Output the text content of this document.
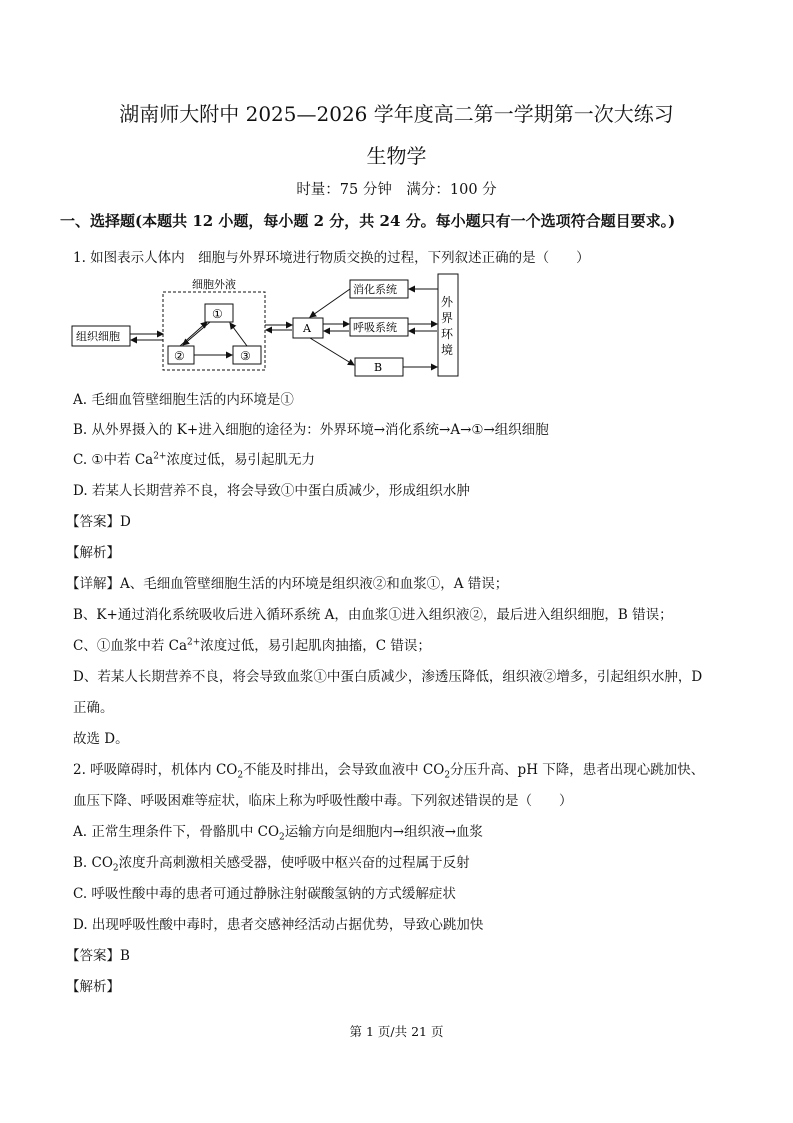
湖南师大附中 2025—2026 学年度高二第一学期第一次大练习
生物学
时量：75 分钟　满分：100 分
一、选择题(本题共 12 小题，每小题 2 分，共 24 分。每小题只有一个选项符合题目要求。)
1. 如图表示人体内　细胞与外界环境进行物质交换的过程，下列叙述正确的是（　　）
细胞外液
组织细胞
①
②	③
A
消化系统
呼吸系统
B
外
界
环
境
A. 毛细血管壁细胞生活的内环境是①
B. 从外界摄入的 K+进入细胞的途径为：外界环境→消化系统→A→①→组织细胞
C. ①中若 $Ca^{2+}$浓度过低，易引起肌无力
D. 若某人长期营养不良，将会导致①中蛋白质减少，形成组织水肿
【答案】D
【解析】
【详解】A、毛细血管壁细胞生活的内环境是组织液②和血浆①，A 错误；
B、K+通过消化系统吸收后进入循环系统 A，由血浆①进入组织液②，最后进入组织细胞，B 错误；
C、①血浆中若 $Ca^{2+}$浓度过低，易引起肌肉抽搐，C 错误；
D、若某人长期营养不良，将会导致血浆①中蛋白质减少，渗透压降低，组织液②增多，引起组织水肿，D
正确。
故选 D。
2. 呼吸障碍时，机体内 $CO_2$不能及时排出，会导致血液中 $CO_2$分压升高、pH 下降，患者出现心跳加快、
血压下降、呼吸困难等症状，临床上称为呼吸性酸中毒。下列叙述错误的是（　　）
A. 正常生理条件下，骨骼肌中 $CO_2$运输方向是细胞内→组织液→血浆
B. $CO_2$浓度升高刺激相关感受器，使呼吸中枢兴奋的过程属于反射
C. 呼吸性酸中毒的患者可通过静脉注射碳酸氢钠的方式缓解症状
D. 出现呼吸性酸中毒时，患者交感神经活动占据优势，导致心跳加快
【答案】B
【解析】
第 1 页/共 21 页
